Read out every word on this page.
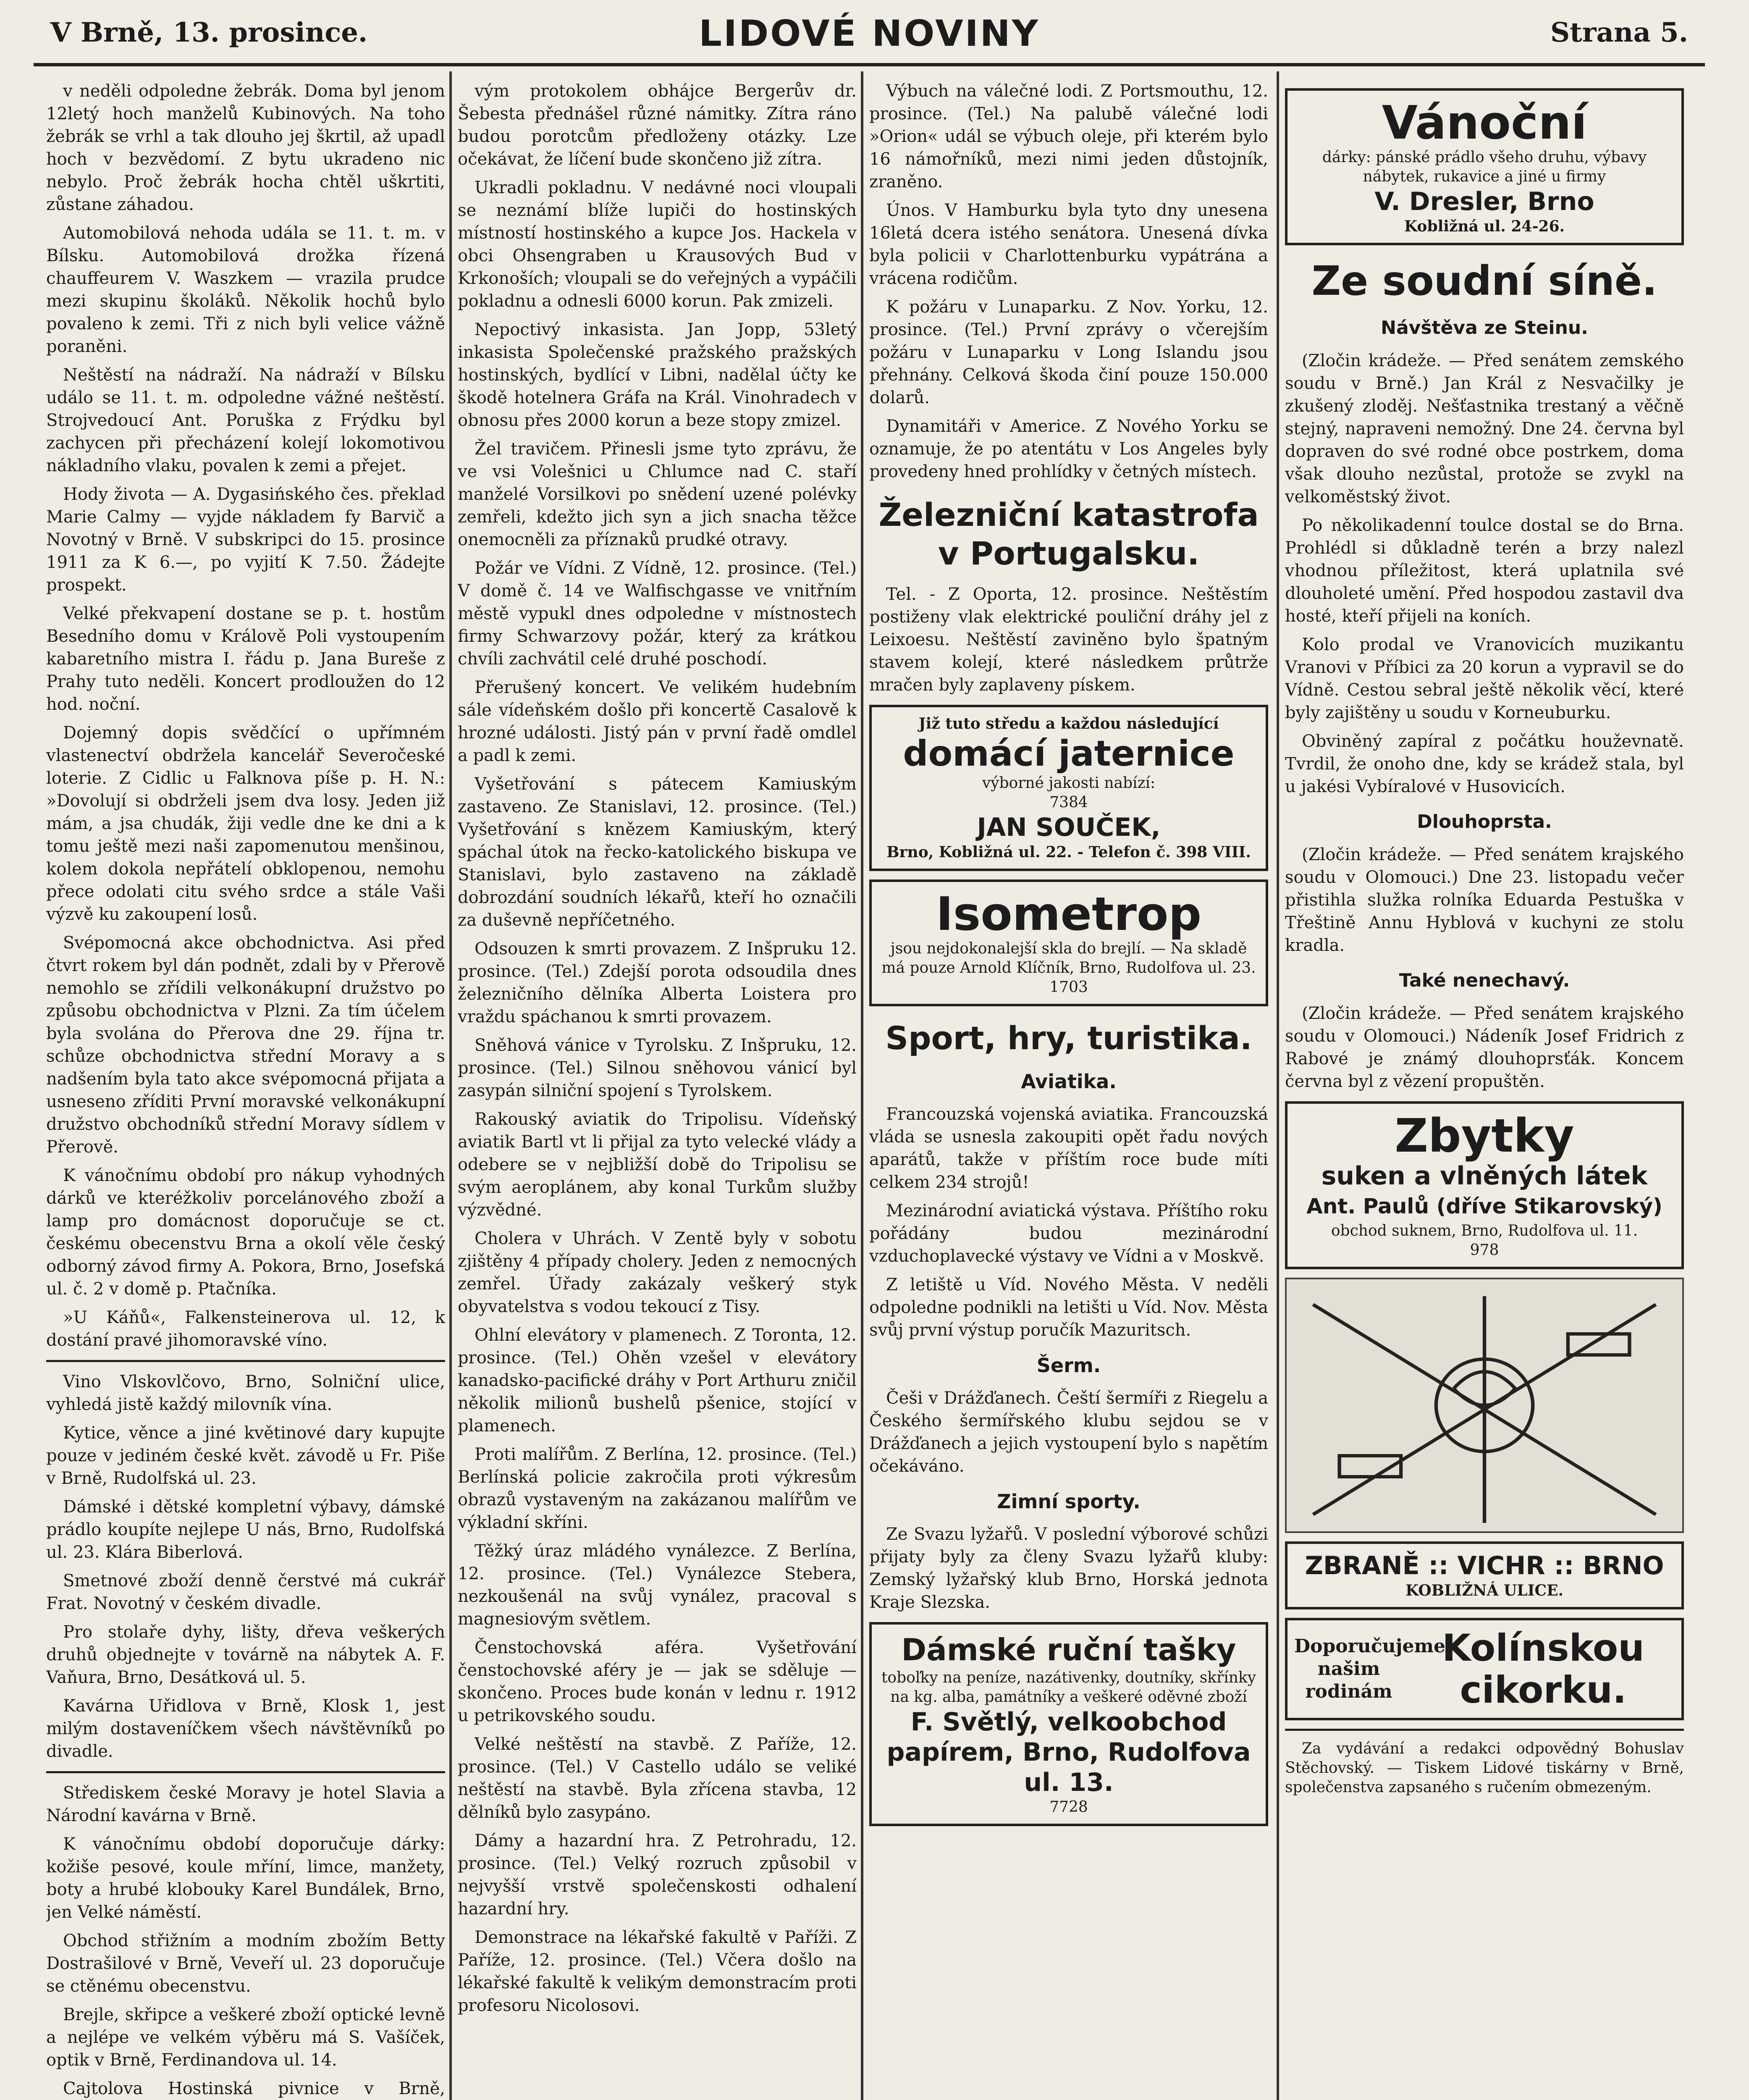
V Brně, 13. prosince.	LIDOVÉ NOVINY	Strana 5.

v neděli odpoledne žebrák. Doma byl jenom 12letý hoch manželů Kubinových. Na toho žebrák se vrhl a tak dlouho jej škrtil, až upadl hoch v bezvědomí. Z bytu ukradeno nic nebylo. Proč žebrák hocha chtěl uškrtiti, zůstane záhadou.

Automobilová nehoda udála se 11. t. m. v Bílsku. Automobilová drožka řízená chauffeurem V. Waszkem — vrazila prudce mezi skupinu školáků. Několik hochů bylo povaleno k zemi. Tři z nich byli velice vážně poraněni.

Neštěstí na nádraží. Na nádraží v Bílsku událo se 11. t. m. odpoledne vážné neštěstí. Strojvedoucí Ant. Poruška z Frýdku byl zachycen při přecházení kolejí lokomotivou nákladního vlaku, povalen k zemi a přejet.

Hody života — A. Dygasińského čes. překlad Marie Calmy — vyjde nákladem fy Barvič a Novotný v Brně. V subskripci do 15. prosince 1911 za K 6.—, po vyjití K 7.50. Žádejte prospekt.

Velké překvapení dostane se p. t. hostům Besedního domu v Králově Poli vystoupením kabaretního mistra I. řádu p. Jana Bureše z Prahy tuto neděli. Koncert prodloužen do 12 hod. noční.

Dojemný dopis svědčící o upřímném vlastenectví obdržela kancelář Severočeské loterie. Z Cidlic u Falknova píše p. H. N.: »Dovolují si obdrželi jsem dva losy. Jeden již mám, a jsa chudák, žiji vedle dne ke dni a k tomu ještě mezi naši zapomenutou menšinou, kolem dokola nepřátelí obklopenou, nemohu přece odolati citu svého srdce a stále Vaši výzvě ku zakoupení losů.

Svépomocná akce obchodnictva. Asi před čtvrt rokem byl dán podnět, zdali by v Přerově nemohlo se zřídili velkonákupní družstvo po způsobu obchodnictva v Plzni. Za tím účelem byla svolána do Přerova dne 29. října tr. schůze obchodnictva střední Moravy a s nadšením byla tato akce svépomocná přijata a usneseno zříditi První moravské velkonákupní družstvo obchodníků střední Moravy sídlem v Přerově.

K vánočnímu období pro nákup vyhodných dárků ve kteréžkoliv porcelánového zboží a lamp pro domácnost doporučuje se ct. českému obecenstvu Brna a okolí věle český odborný závod firmy A. Pokora, Brno, Josefská ul. č. 2 v domě p. Ptačníka.

»U Káňů«, Falkensteinerova ul. 12, k dostání pravé jihomoravské víno.

Vino Vlskovlčovo, Brno, Solniční ulice, vyhledá jistě každý milovník vína.

Kytice, věnce a jiné květinové dary kupujte pouze v jediném české květ. závodě u Fr. Piše v Brně, Rudolfská ul. 23.

Dámské i dětské kompletní výbavy, dámské prádlo koupíte nejlepe U nás, Brno, Rudolfská ul. 23. Klára Biberlová.

Smetnové zboží denně čerstvé má cukrář Frat. Novotný v českém divadle.

Pro stolaře dyhy, lišty, dřeva veškerých druhů objednejte v továrně na nábytek A. F. Vaňura, Brno, Desátková ul. 5.

Kavárna Uřidlova v Brně, Klosk 1, jest milým dostaveníčkem všech návštěvníků po divadle.

Střediskem české Moravy je hotel Slavia a Národní kavárna v Brně.

K vánočnímu období doporučuje dárky: kožiše pesové, koule mříní, limce, manžety, boty a hrubé klobouky Karel Bundálek, Brno, jen Velké náměstí.

Obchod střižním a modním zbožím Betty Dostrašilové v Brně, Veveří ul. 23 doporučuje se ctěnému obecenstvu.

Brejle, skřipce a veškeré zboží optické levně a nejlépe ve velkém výběru má S. Vašíček, optik v Brně, Ferdinandova ul. 14.

Cajtolova Hostinská pivnice v Brně,

vým protokolem obhájce Bergerův dr. Šebesta přednášel různé námitky. Zítra ráno budou porotcům předloženy otázky. Lze očekávat, že líčení bude skončeno již zítra.

Ukradli pokladnu. V nedávné noci vloupali se neznámí blíže lupiči do hostinských místností hostinského a kupce Jos. Hackela v obci Ohsengraben u Krausových Bud v Krkonoších; vloupali se do veřejných a vypáčili pokladnu a odnesli 6000 korun. Pak zmizeli.

Nepoctivý inkasista. Jan Jopp, 53letý inkasista Společenské pražského pražských hostinských, bydlící v Libni, nadělal účty ke škodě hotelnera Gráfa na Král. Vinohradech v obnosu přes 2000 korun a beze stopy zmizel.

Žel travičem. Přinesli jsme tyto zprávu, že ve vsi Volešnici u Chlumce nad C. staří manželé Vorsilkovi po snědení uzené polévky zemřeli, kdežto jich syn a jich snacha těžce onemocněli za příznaků prudké otravy.

Požár ve Vídni. Z Vídně, 12. prosince. (Tel.) V domě č. 14 ve Walfischgasse ve vnitřním městě vypukl dnes odpoledne v místnostech firmy Schwarzovy požár, který za krátkou chvíli zachvátil celé druhé poschodí.

Přerušený koncert. Ve velikém hudebním sále vídeňském došlo při koncertě Casalově k hrozné události. Jistý pán v první řadě omdlel a padl k zemi.

Vyšetřování s pátecem Kamiuským zastaveno. Ze Stanislavi, 12. prosince. (Tel.) Vyšetřování s knězem Kamiuským, který spáchal útok na řecko-katolického biskupa ve Stanislavi, bylo zastaveno na základě dobrozdání soudních lékařů, kteří ho označili za duševně nepříčetného.

Odsouzen k smrti provazem. Z Inšpruku 12. prosince. (Tel.) Zdejší porota odsoudila dnes železničního dělníka Alberta Loistera pro vraždu spáchanou k smrti provazem.

Sněhová vánice v Tyrolsku. Z Inšpruku, 12. prosince. (Tel.) Silnou sněhovou vánicí byl zasypán silniční spojení s Tyrolskem.

Rakouský aviatik do Tripolisu. Vídeňský aviatik Bartl vt li přijal za tyto velecké vlády a odebere se v nejbližší době do Tripolisu se svým aeroplánem, aby konal Turkům služby výzvědné.

Cholera v Uhrách. V Zentě byly v sobotu zjištěny 4 případy cholery. Jeden z nemocných zemřel. Úřady zakázaly veškerý styk obyvatelstva s vodou tekoucí z Tisy.

Ohlní elevátory v plamenech. Z Toronta, 12. prosince. (Tel.) Ohěn vzešel v elevátory kanadsko-pacifické dráhy v Port Arthuru zničil několik milionů bushelů pšenice, stojící v plamenech.

Proti malířům. Z Berlína, 12. prosince. (Tel.) Berlínská policie zakročila proti výkresům obrazů vystaveným na zakázanou malířům ve výkladní skříni.

Těžký úraz mládého vynálezce. Z Berlína, 12. prosince. (Tel.) Vynálezce Stebera, nezkoušenál na svůj vynález, pracoval s magnesiovým světlem.

Čenstochovská aféra. Vyšetřování čenstochovské aféry je — jak se sděluje — skončeno. Proces bude konán v lednu r. 1912 u petrikovského soudu.

Velké neštěstí na stavbě. Z Paříže, 12. prosince. (Tel.) V Castello událo se veliké neštěstí na stavbě. Byla zřícena stavba, 12 dělníků bylo zasypáno.

Dámy a hazardní hra. Z Petrohradu, 12. prosince. (Tel.) Velký rozruch způsobil v nejvyšší vrstvě společenskosti odhalení hazardní hry.

Demonstrace na lékařské fakultě v Paříži. Z Paříže, 12. prosince. (Tel.) Včera došlo na lékařské fakultě k velikým demonstracím proti profesoru Nicolosovi.

Výbuch na válečné lodi. Z Portsmouthu, 12. prosince. (Tel.) Na palubě válečné lodi »Orion« udál se výbuch oleje, při kterém bylo 16 námořníků, mezi nimi jeden důstojník, zraněno.

Únos. V Hamburku byla tyto dny unesena 16letá dcera istého senátora. Unesená dívka byla policii v Charlottenburku vypátrána a vrácena rodičům.

K požáru v Lunaparku. Z Nov. Yorku, 12. prosince. (Tel.) První zprávy o včerejším požáru v Lunaparku v Long Islandu jsou přehnány. Celková škoda činí pouze 150.000 dolarů.

Dynamitáři v Americe. Z Nového Yorku se oznamuje, že po atentátu v Los Angeles byly provedeny hned prohlídky v četných místech.

Železniční katastrofa v Portugalsku.

Tel. - Z Oporta, 12. prosince. Neštěstím postiženy vlak elektrické pouliční dráhy jel z Leixoesu. Neštěstí zaviněno bylo špatným stavem kolejí, které následkem průtrže mračen byly zaplaveny pískem.

Již tuto středu a každou následující
domácí jaternice
výborné jakosti nabízí:
7384
JAN SOUČEK,
Brno, Kobližná ul. 22. - Telefon č. 398 VIII.
Isometrop
jsou nejdokonalejší skla do brejlí. — Na skladě má pouze Arnold Klíčník, Brno, Rudolfova ul. 23.
1703
Sport, hry, turistika.
Aviatika.

Francouzská vojenská aviatika. Francouzská vláda se usnesla zakoupiti opět řadu nových aparátů, takže v příštím roce bude míti celkem 234 strojů!

Mezinárodní aviatická výstava. Příštího roku pořádány budou mezinárodní vzduchoplavecké výstavy ve Vídni a v Moskvě.

Z letiště u Víd. Nového Města. V neděli odpoledne podnikli na letišti u Víd. Nov. Města svůj první výstup poručík Mazuritsch.

Šerm.

Češi v Drážďanech. Čeští šermíři z Riegelu a Českého šermířského klubu sejdou se v Drážďanech a jejich vystoupení bylo s napětím očekáváno.

Zimní sporty.

Ze Svazu lyžařů. V poslední výborové schůzi přijaty byly za členy Svazu lyžařů kluby: Zemský lyžařský klub Brno, Horská jednota Kraje Slezska.

Dámské ruční tašky
toboľky na peníze, nazátivenky, doutníky, skřínky na kg. alba, památníky a veškeré oděvné zboží
F. Světlý, velkoobchod papírem, Brno, Rudolfova ul. 13.
7728
Vánoční
dárky: pánské prádlo všeho druhu, výbavy nábytek, rukavice a jiné u firmy
V. Dresler, Brno
Kobližná ul. 24-26.
Ze soudní síně.
Návštěva ze Steinu.

(Zločin krádeže. — Před senátem zemského soudu v Brně.) Jan Král z Nesvačilky je zkušený zloděj. Nešťastnika trestaný a věčně stejný, napraveni nemožný. Dne 24. června byl dopraven do své rodné obce postrkem, doma však dlouho nezůstal, protože se zvykl na velkoměstský život.

Po několikadenní toulce dostal se do Brna. Prohlédl si důkladně terén a brzy nalezl vhodnou příležitost, která uplatnila své dlouholeté umění. Před hospodou zastavil dva hosté, kteří přijeli na koních.

Kolo prodal ve Vranovicích muzikantu Vranovi v Příbici za 20 korun a vypravil se do Vídně. Cestou sebral ještě několik věcí, které byly zajištěny u soudu v Korneuburku.

Obviněný zapíral z počátku houževnatě. Tvrdil, že onoho dne, kdy se krádež stala, byl u jakési Vybíralové v Husovicích.

Dlouhoprsta.

(Zločin krádeže. — Před senátem krajského soudu v Olomouci.) Dne 23. listopadu večer přistihla služka rolníka Eduarda Pestuška v Třeštině Annu Hyblová v kuchyni ze stolu kradla.

Také nenechavý.

(Zločin krádeže. — Před senátem krajského soudu v Olomouci.) Nádeník Josef Fridrich z Rabové je známý dlouhoprsťák. Koncem června byl z vězení propuštěn.

Zbytky
suken a vlněných látek
Ant. Paulů (dříve Stikarovský)
obchod suknem, Brno, Rudolfova ul. 11.
978
ZBRANĚ :: VICHR :: BRNO
KOBLIŽNÁ ULICE.
Doporučujeme našim rodinám
Kolínskou cikorku.

Za vydávání a redakci odpovědný Bohuslav Stěchovský. — Tiskem Lidové tiskárny v Brně, společenstva zapsaného s ručením obmezeným.
